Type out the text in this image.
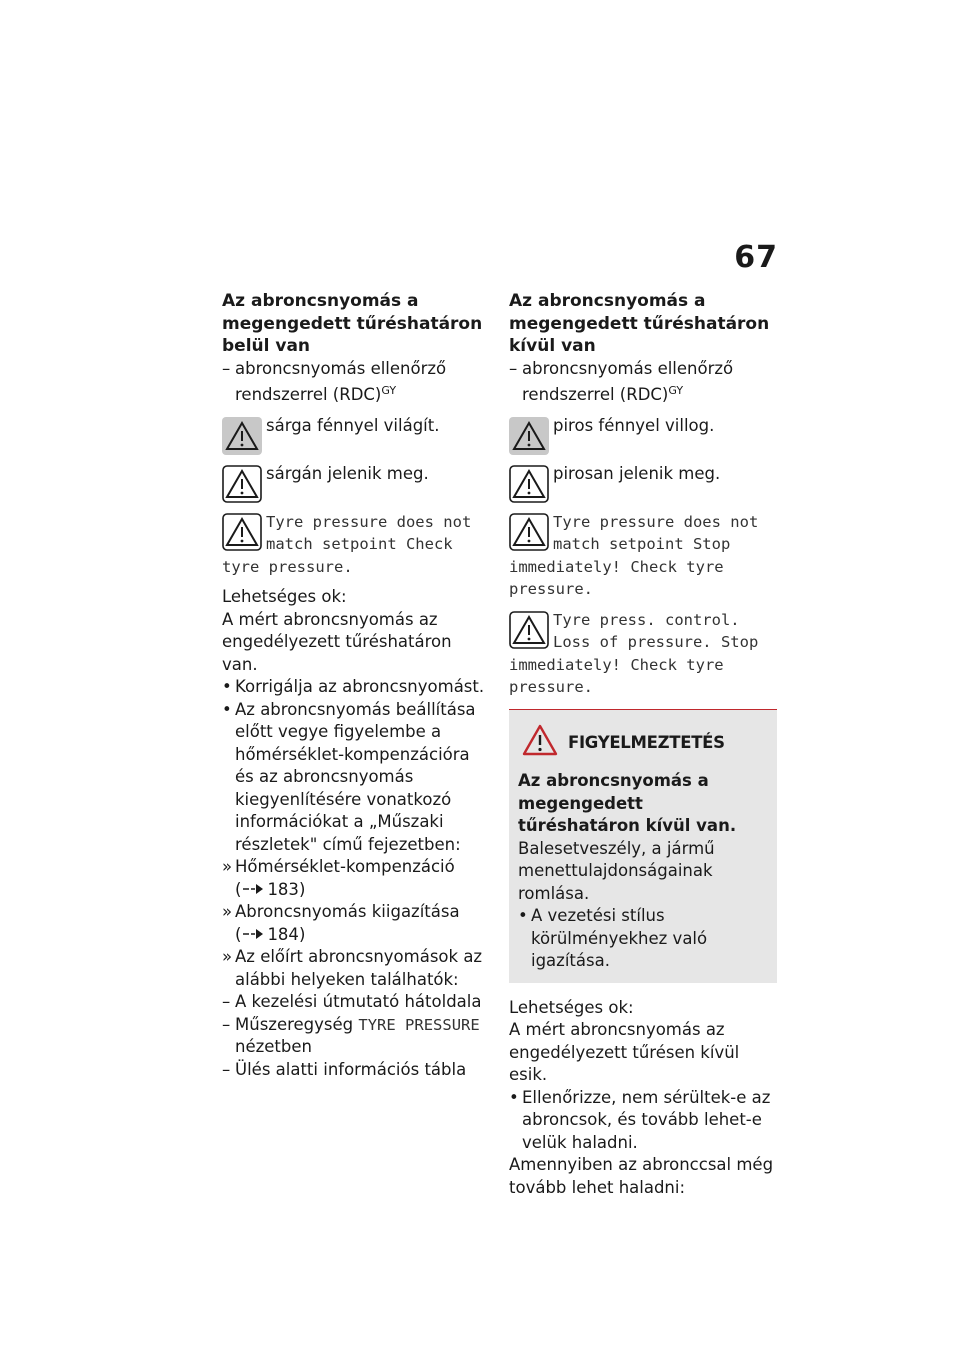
67
Az abroncsnyomás a megengedett tűréshatáron belül van
– abroncsnyomás ellenőrző rendszerrel (RDC)$^{GY}$
sárga fénnyel világít.
sárgán jelenik meg.
Tyre pressure does not match setpoint Check tyre pressure.

Lehetséges ok:

A mért abroncsnyomás az engedélyezett tűréshatáron van.

• Korrigálja az abroncsnyomást.
• Az abroncsnyomás beállítása előtt vegye figyelembe a hőmérséklet-kompenzációra és az abroncsnyomás kiegyenlítésére vonatkozó információkat a „Műszaki részletek" című fejezetben:
» Hőmérséklet-kompenzáció
( 183)
» Abroncsnyomás kiigazítása
( 184)
» Az előírt abroncsnyomások az alábbi helyeken találhatók:
– A kezelési útmutató hátoldala
– Műszeregység TYRE PRESSURE nézetben
– Ülés alatti információs tábla
Az abroncsnyomás a megengedett tűréshatáron kívül van
– abroncsnyomás ellenőrző rendszerrel (RDC)$^{GY}$
piros fénnyel villog.
pirosan jelenik meg.
Tyre pressure does not match setpoint Stop immediately! Check tyre pressure.
Tyre press. control. Loss of pressure. Stop immediately! Check tyre pressure.
FIGYELMEZTETÉS

Az abroncsnyomás a megengedett tűréshatáron kívül van.

Balesetveszély, a jármű menettulajdonságainak romlása.

• A vezetési stílus körülményekhez való igazítása.

Lehetséges ok:

A mért abroncsnyomás az engedélyezett tűrésen kívül esik.

• Ellenőrizze, nem sérültek-e az abroncsok, és tovább lehet-e velük haladni.

Amennyiben az abronccsal még tovább lehet haladni:
